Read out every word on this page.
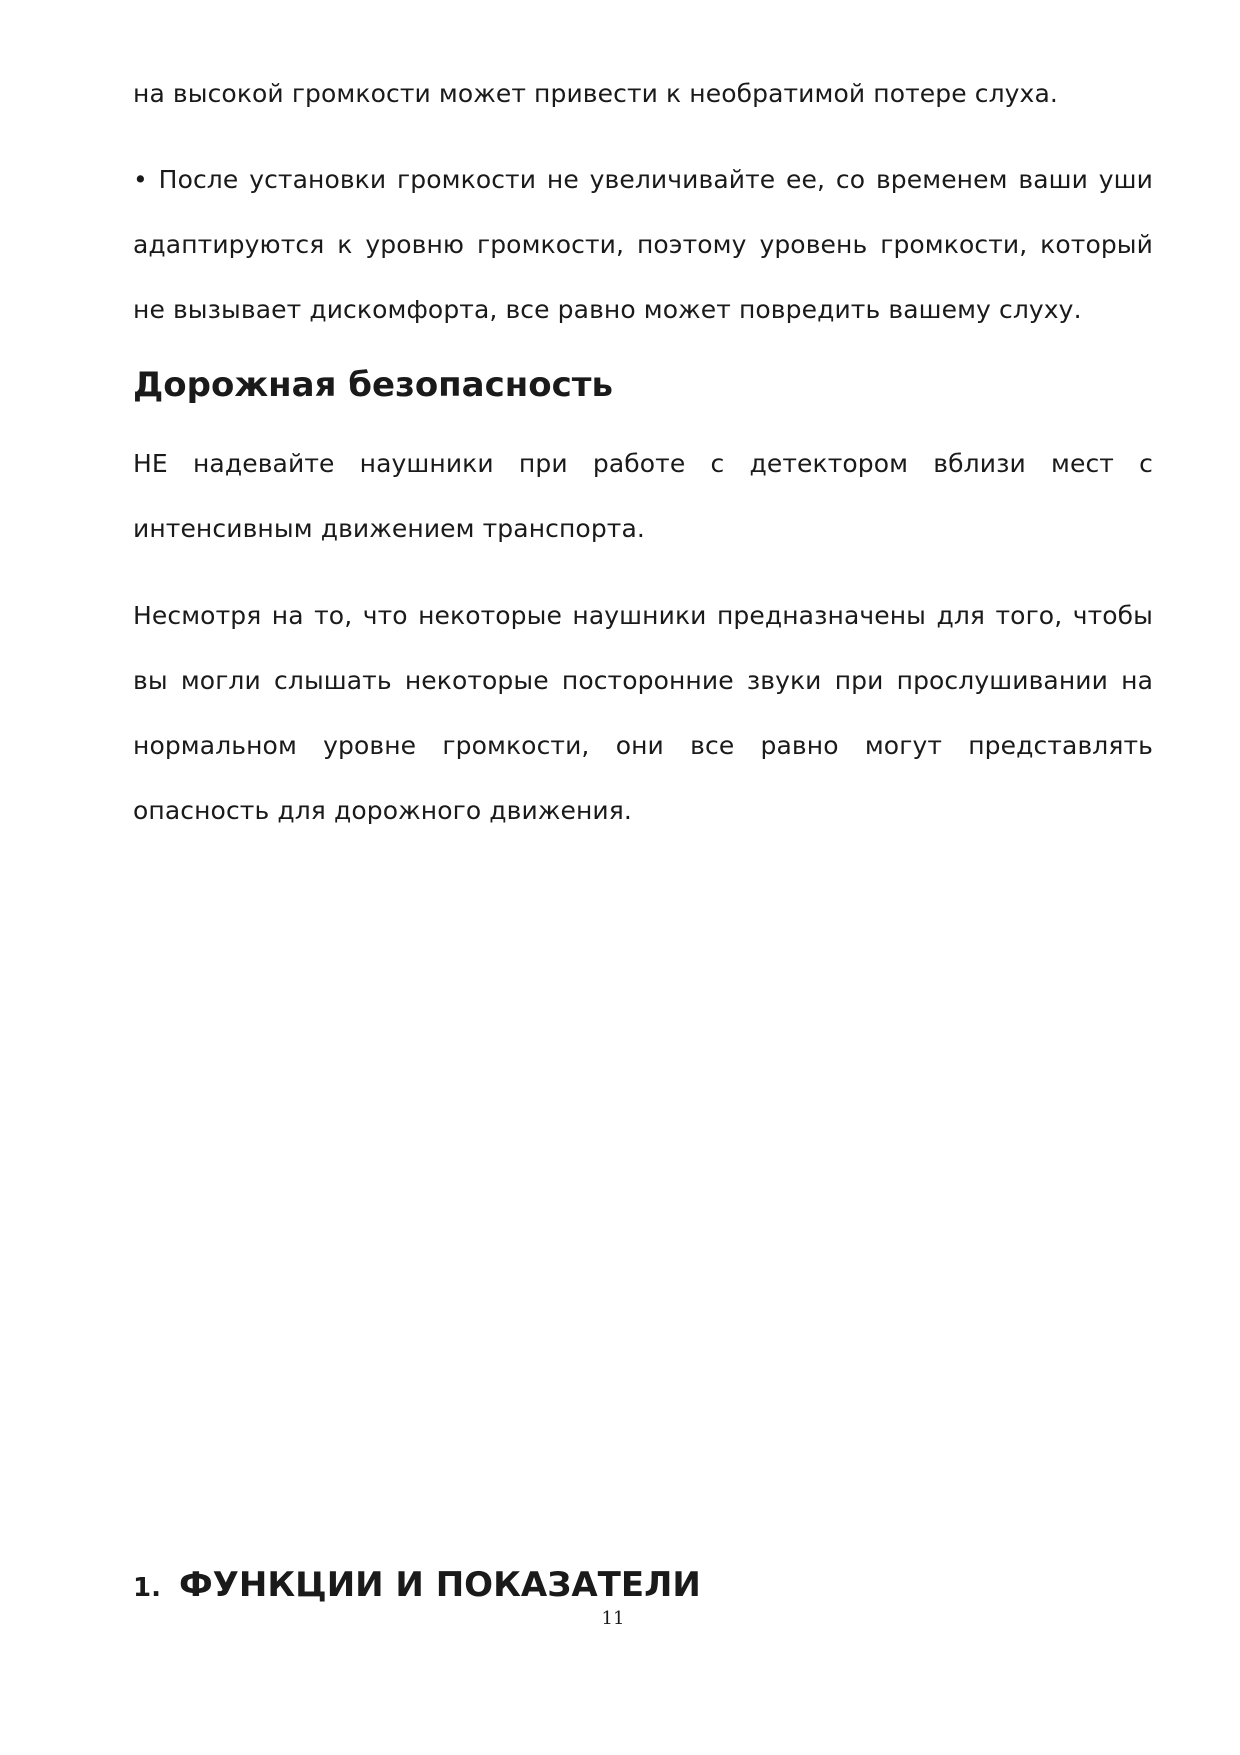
на высокой громкости может привести к необратимой потере слуха.

• После установки громкости не увеличивайте ее, со временем ваши уши адаптируются к уровню громкости, поэтому уровень громкости, который не вызывает дискомфорта, все равно может повредить вашему слуху.

Дорожная безопасность

НЕ надевайте наушники при работе с детектором вблизи мест с интенсивным движением транспорта.

Несмотря на то, что некоторые наушники предназначены для того, чтобы вы могли слышать некоторые посторонние звуки при прослушивании на нормальном уровне громкости, они все равно могут представлять опасность для дорожного движения.

1. ФУНКЦИИ И ПОКАЗАТЕЛИ
11
